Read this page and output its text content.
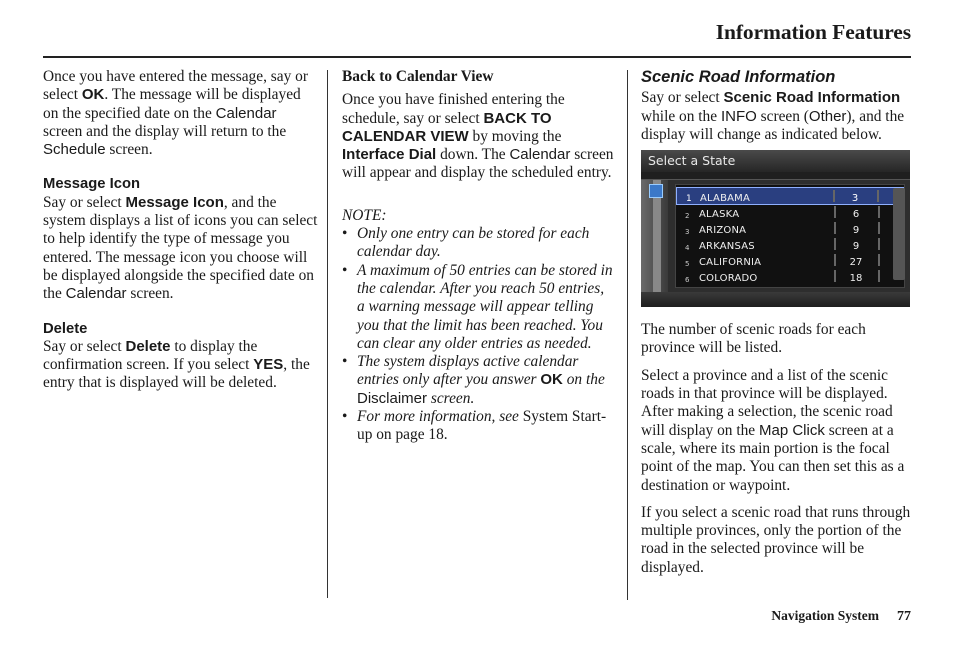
Information Features

Once you have entered the message, say or select OK. The message will be displayed on the specified date on the Calendar screen and the display will return to the Schedule screen.

Message Icon

Say or select Message Icon, and the system displays a list of icons you can select to help identify the type of message you entered. The message icon you choose will be displayed alongside the specified date on the Calendar screen.

Delete

Say or select Delete to display the confirmation screen. If you select YES, the entry that is displayed will be deleted.

Back to Calendar View

Once you have finished entering the schedule, say or select BACK TO CALENDAR VIEW by moving the Interface Dial down. The Calendar screen will appear and display the scheduled entry.

NOTE:

• Only one entry can be stored for each calendar day.
• A maximum of 50 entries can be stored in the calendar. After you reach 50 entries, a warning message will appear telling you that the limit has been reached. You can clear any older entries as needed.
• The system displays active calendar entries only after you answer OK on the Disclaimer screen.
• For more information, see System Start-up on page 18.

Scenic Road Information

Say or select Scenic Road Information while on the INFO screen (Other), and the display will change as indicated below.

Select a State
1 ALABAMA	3
2 ALASKA	6
3 ARIZONA	9
4 ARKANSAS	9
5 CALIFORNIA	27
6 COLORADO	18

The number of scenic roads for each province will be listed.

Select a province and a list of the scenic roads in that province will be displayed. After making a selection, the scenic road will display on the Map Click screen at a scale, where its main portion is the focal point of the map. You can then set this as a destination or waypoint.

If you select a scenic road that runs through multiple provinces, only the portion of the road in the selected province will be displayed.

Navigation System 77
